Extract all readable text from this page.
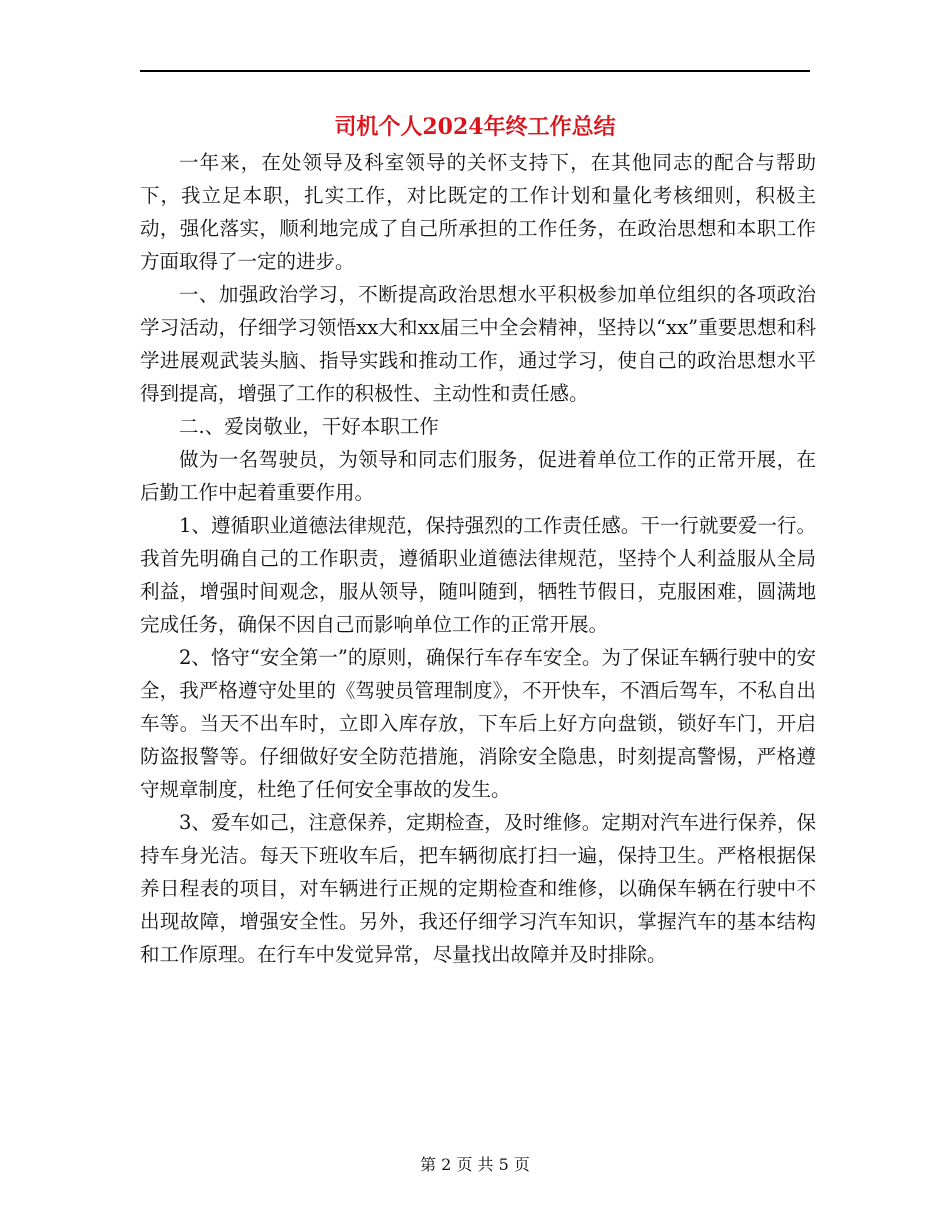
司机个人2024年终工作总结

一年来，在处领导及科室领导的关怀支持下，在其他同志的配合与帮助下，我立足本职，扎实工作，对比既定的工作计划和量化考核细则，积极主动，强化落实，顺利地完成了自己所承担的工作任务，在政治思想和本职工作方面取得了一定的进步。

一、加强政治学习，不断提高政治思想水平积极参加单位组织的各项政治学习活动，仔细学习领悟xx大和xx届三中全会精神，坚持以“xx”重要思想和科学进展观武装头脑、指导实践和推动工作，通过学习，使自己的政治思想水平得到提高，增强了工作的积极性、主动性和责任感。

二.、爱岗敬业，干好本职工作

做为一名驾驶员，为领导和同志们服务，促进着单位工作的正常开展，在后勤工作中起着重要作用。

1、遵循职业道德法律规范，保持强烈的工作责任感。干一行就要爱一行。我首先明确自己的工作职责，遵循职业道德法律规范，坚持个人利益服从全局利益，增强时间观念，服从领导，随叫随到，牺牲节假日，克服困难，圆满地完成任务，确保不因自己而影响单位工作的正常开展。

2、恪守“安全第一”的原则，确保行车存车安全。为了保证车辆行驶中的安全，我严格遵守处里的《驾驶员管理制度》，不开快车，不酒后驾车，不私自出车等。当天不出车时，立即入库存放，下车后上好方向盘锁，锁好车门，开启防盗报警等。仔细做好安全防范措施，消除安全隐患，时刻提高警惕，严格遵守规章制度，杜绝了任何安全事故的发生。

3、爱车如己，注意保养，定期检查，及时维修。定期对汽车进行保养，保持车身光洁。每天下班收车后，把车辆彻底打扫一遍，保持卫生。严格根据保养日程表的项目，对车辆进行正规的定期检查和维修，以确保车辆在行驶中不出现故障，增强安全性。另外，我还仔细学习汽车知识，掌握汽车的基本结构和工作原理。在行车中发觉异常，尽量找出故障并及时排除。

第 2 页 共 5 页
